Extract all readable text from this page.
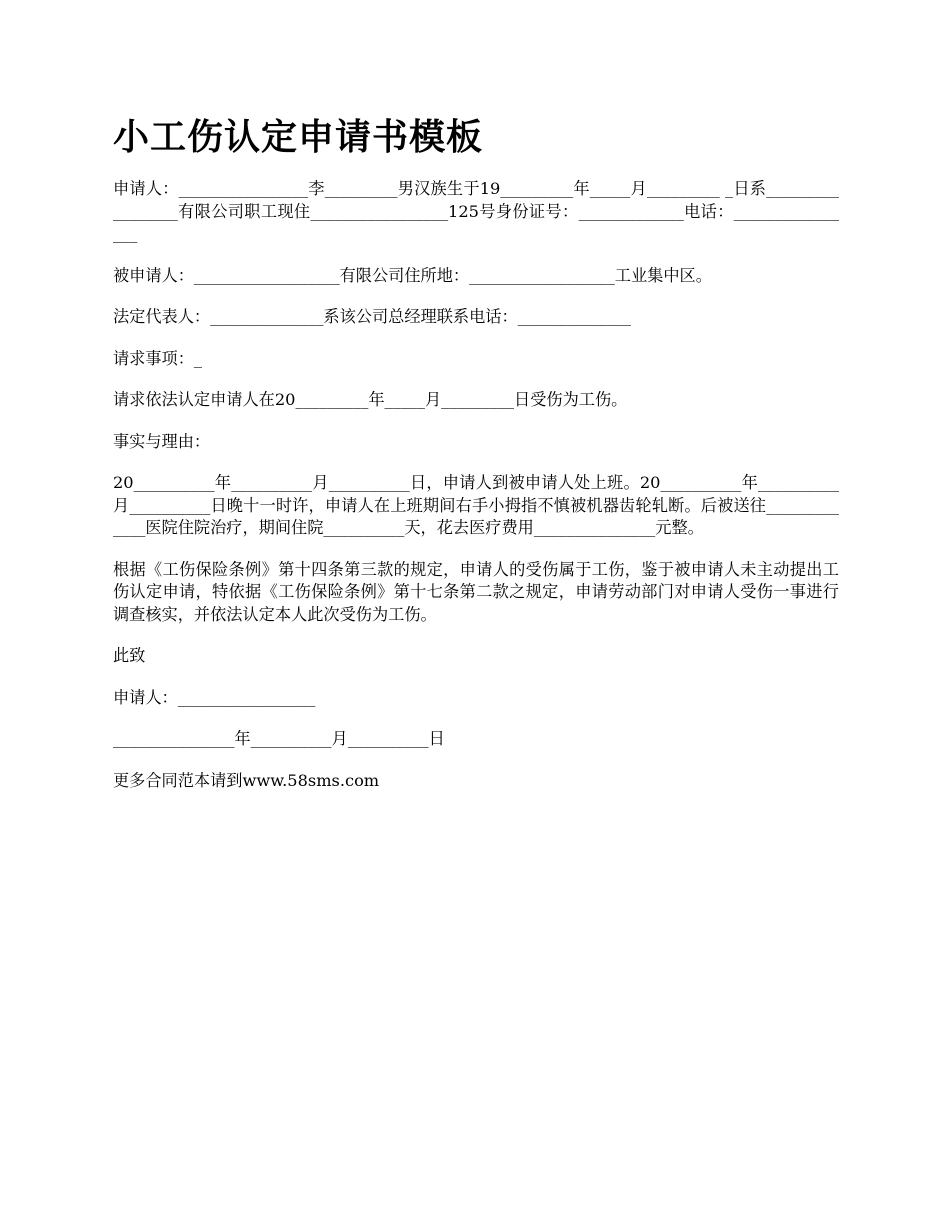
小工伤认定申请书模板

申请人：________________李_________男汉族生于19_________年_____月_________ _日系_________________有限公司职工现住_________________125号身份证号：_____________电话：________________

被申请人：__________________有限公司住所地：__________________工业集中区。

法定代表人：______________系该公司总经理联系电话：______________

请求事项：_

请求依法认定申请人在20_________年_____月_________日受伤为工伤。

事实与理由：

20__________年__________月__________日，申请人到被申请人处上班。20__________年__________月__________日晚十一时许，申请人在上班期间右手小拇指不慎被机器齿轮轧断。后被送往_____________医院住院治疗，期间住院__________天，花去医疗费用_______________元整。

根据《工伤保险条例》第十四条第三款的规定，申请人的受伤属于工伤，鉴于被申请人未主动提出工伤认定申请，特依据《工伤保险条例》第十七条第二款之规定，申请劳动部门对申请人受伤一事进行调查核实，并依法认定本人此次受伤为工伤。

此致

申请人：_________________

_______________年__________月__________日

更多合同范本请到www.58sms.com
